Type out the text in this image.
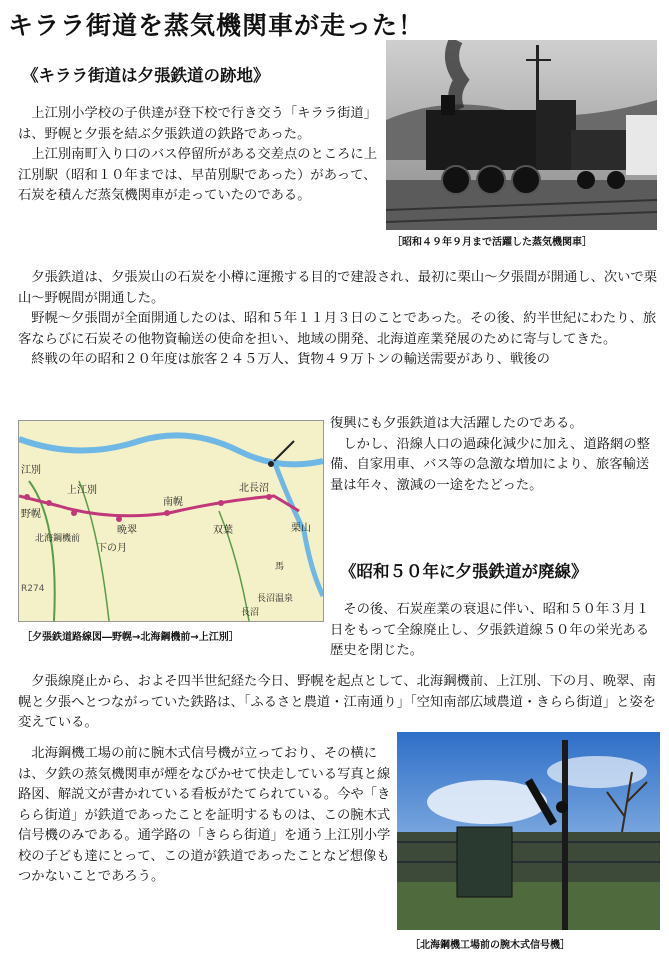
キララ街道を蒸気機関車が走った！
《キララ街道は夕張鉄道の跡地》
［昭和４９年９月まで活躍した蒸気機関車］

上江別小学校の子供達が登下校で行き交う「キララ街道」は、野幌と夕張を結ぶ夕張鉄道の鉄路であった。

上江別南町入り口のバス停留所がある交差点のところに上江別駅（昭和１０年までは、早苗別駅であった）があって、石炭を積んだ蒸気機関車が走っていたのである。

夕張鉄道は、夕張炭山の石炭を小樽に運搬する目的で建設され、最初に栗山～夕張間が開通し、次いで栗山～野幌間が開通した。

野幌～夕張間が全面開通したのは、昭和５年１１月３日のことであった。その後、約半世紀にわたり、旅客ならびに石炭その他物資輸送の使命を担い、地域の開発、北海道産業発展のために寄与してきた。

終戦の年の昭和２０年度は旅客２４５万人、貨物４９万トンの輸送需要があり、戦後の

江別
野幌
北海鋼機前
上江別
下の月
晩翠
南幌
双葉
北長沼
栗山
R274
馬
長沼温泉
長沼
［夕張鉄道路線図―野幌→北海鋼機前→上江別］

復興にも夕張鉄道は大活躍したのである。

しかし、沿線人口の過疎化減少に加え、道路網の整備、自家用車、バス等の急激な増加により、旅客輸送量は年々、激減の一途をたどった。

《昭和５０年に夕張鉄道が廃線》

その後、石炭産業の衰退に伴い、昭和５０年３月１日をもって全線廃止し、夕張鉄道線５０年の栄光ある歴史を閉じた。

夕張線廃止から、およそ四半世紀経た今日、野幌を起点として、北海鋼機前、上江別、下の月、晩翠、南幌と夕張へとつながっていた鉄路は、「ふるさと農道・江南通り」「空知南部広域農道・きらら街道」と姿を変えている。

［北海鋼機工場前の腕木式信号機］

北海鋼機工場の前に腕木式信号機が立っており、その横には、夕鉄の蒸気機関車が煙をなびかせて快走している写真と線路図、解説文が書かれている看板がたてられている。今や「きらら街道」が鉄道であったことを証明するものは、この腕木式信号機のみである。通学路の「きらら街道」を通う上江別小学校の子ども達にとって、この道が鉄道であったことなど想像もつかないことであろう。
